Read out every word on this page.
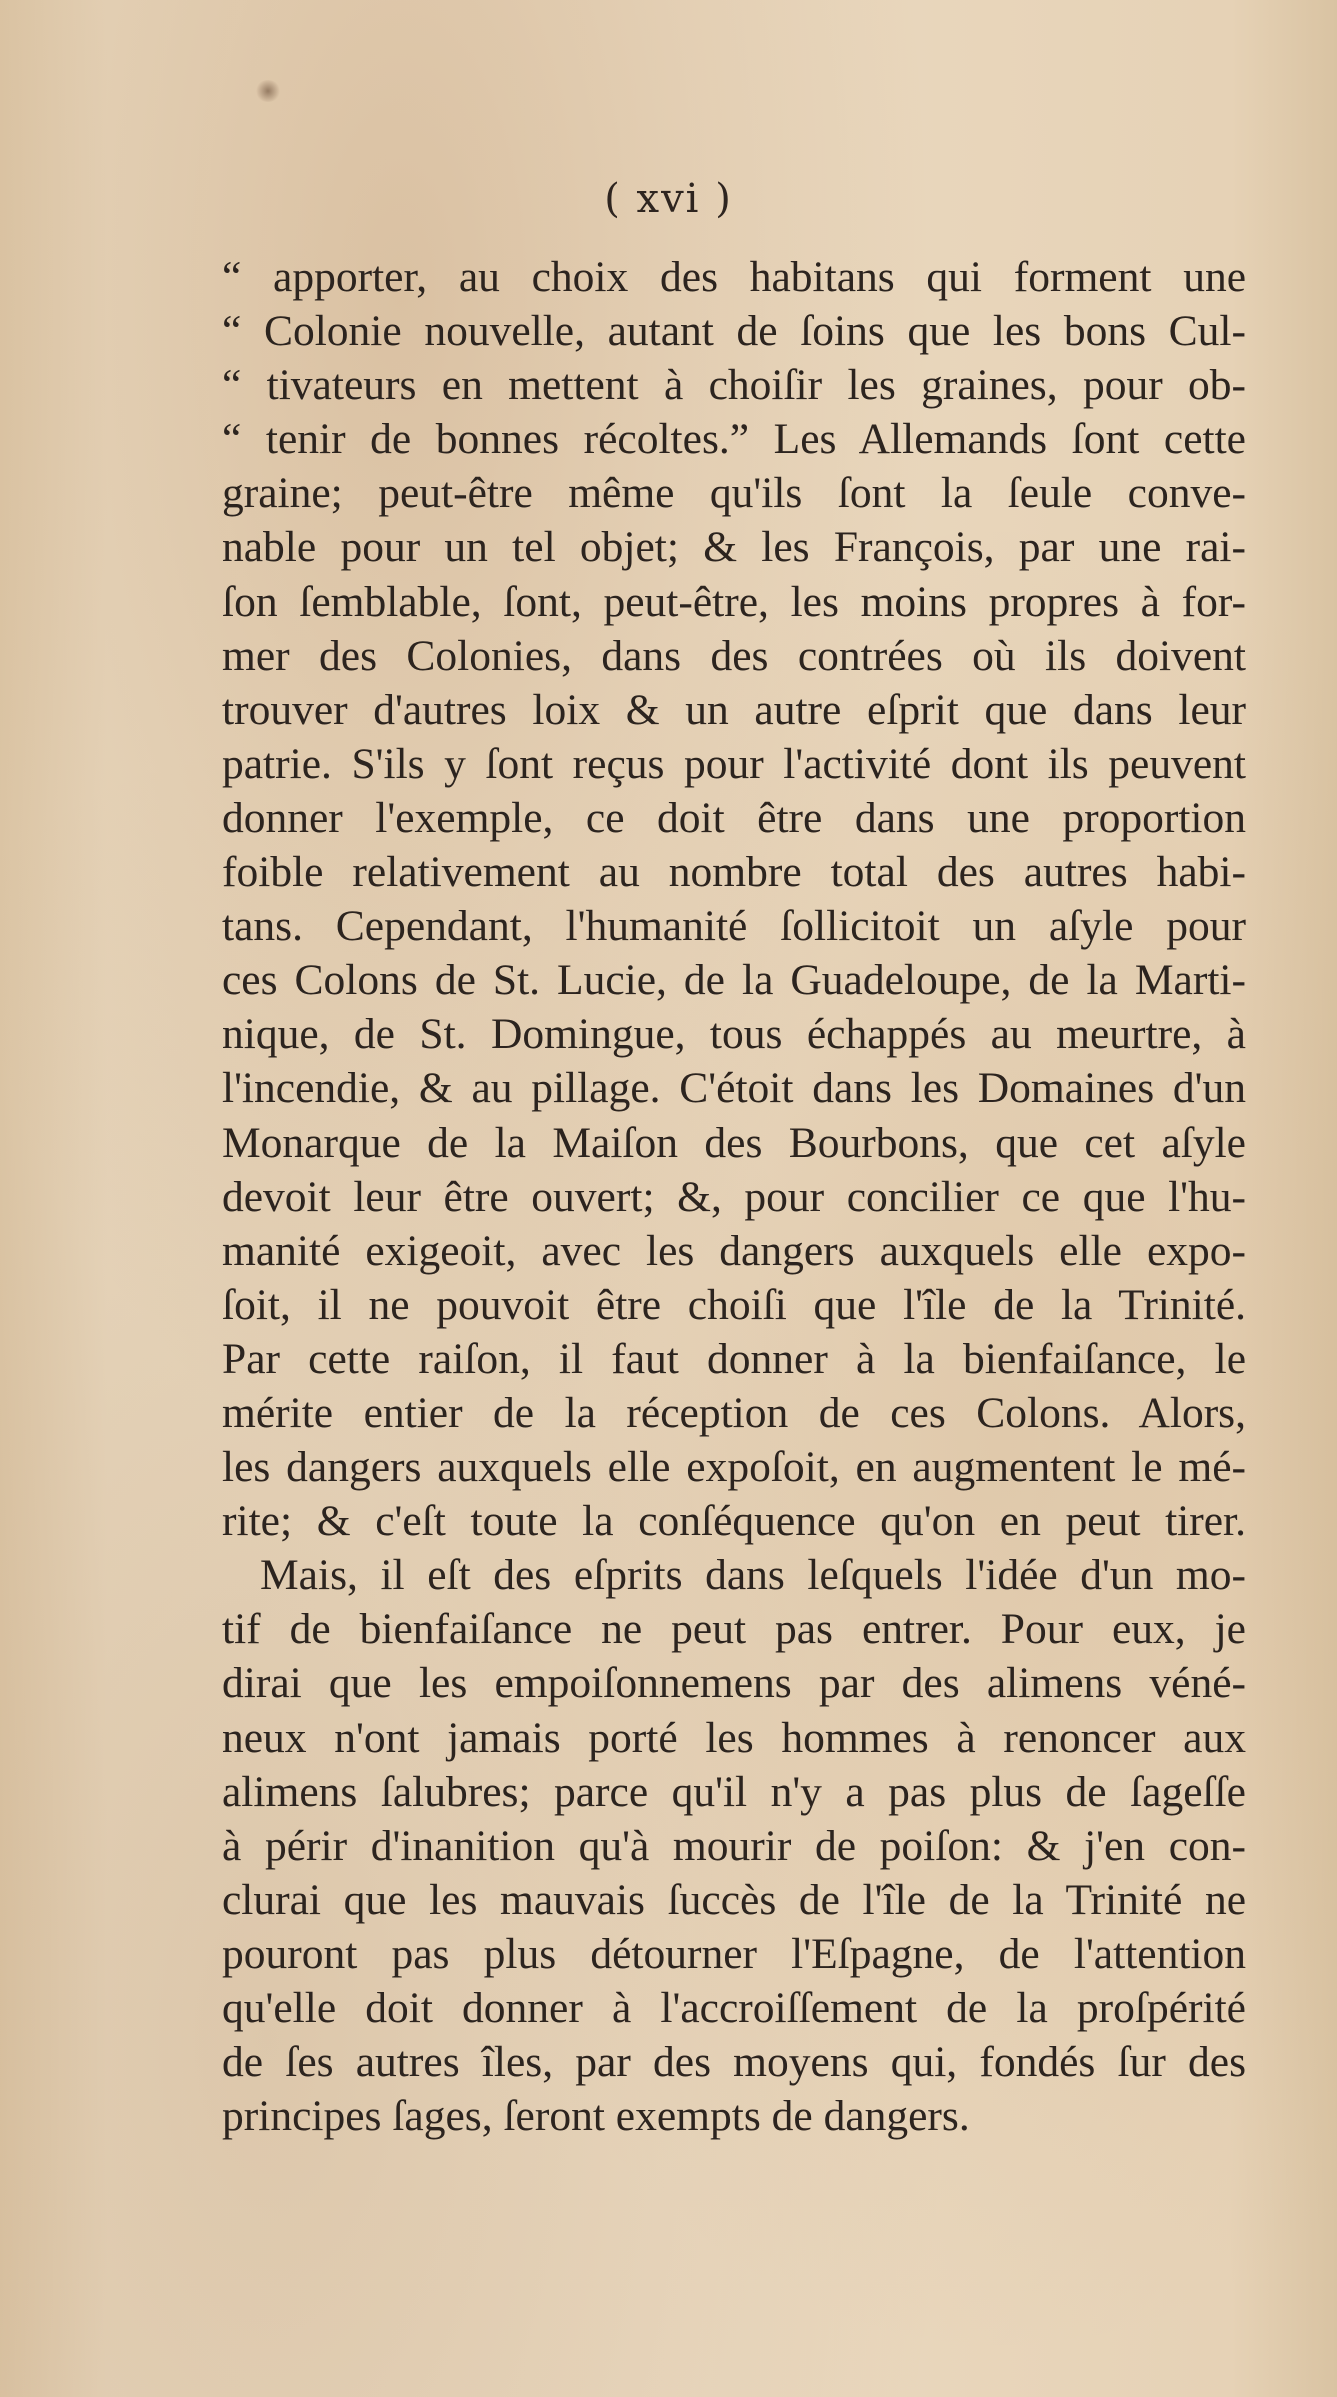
( xvi )
“ apporter, au choix des habitans qui forment une
“ Colonie nouvelle, autant de ſoins que les bons Cul-
“ tivateurs en mettent à choiſir les graines, pour ob-
“ tenir de bonnes récoltes.” Les Allemands ſont cette
graine; peut-être même qu'ils ſont la ſeule conve-
nable pour un tel objet; & les François, par une rai-
ſon ſemblable, ſont, peut-être, les moins propres à for-
mer des Colonies, dans des contrées où ils doivent
trouver d'autres loix & un autre eſprit que dans leur
patrie. S'ils y ſont reçus pour l'activité dont ils peuvent
donner l'exemple, ce doit être dans une proportion
foible relativement au nombre total des autres habi-
tans. Cependant, l'humanité ſollicitoit un aſyle pour
ces Colons de St. Lucie, de la Guadeloupe, de la Marti-
nique, de St. Domingue, tous échappés au meurtre, à
l'incendie, & au pillage. C'étoit dans les Domaines d'un
Monarque de la Maiſon des Bourbons, que cet aſyle
devoit leur être ouvert; &, pour concilier ce que l'hu-
manité exigeoit, avec les dangers auxquels elle expo-
ſoit, il ne pouvoit être choiſi que l'île de la Trinité.
Par cette raiſon, il faut donner à la bienfaiſance, le
mérite entier de la réception de ces Colons. Alors,
les dangers auxquels elle expoſoit, en augmentent le mé-
rite; & c'eſt toute la conſéquence qu'on en peut tirer.
Mais, il eſt des eſprits dans leſquels l'idée d'un mo-
tif de bienfaiſance ne peut pas entrer. Pour eux, je
dirai que les empoiſonnemens par des alimens véné-
neux n'ont jamais porté les hommes à renoncer aux
alimens ſalubres; parce qu'il n'y a pas plus de ſageſſe
à périr d'inanition qu'à mourir de poiſon: & j'en con-
clurai que les mauvais ſuccès de l'île de la Trinité ne
pouront pas plus détourner l'Eſpagne, de l'attention
qu'elle doit donner à l'accroiſſement de la proſpérité
de ſes autres îles, par des moyens qui, fondés ſur des
principes ſages, ſeront exempts de dangers.
